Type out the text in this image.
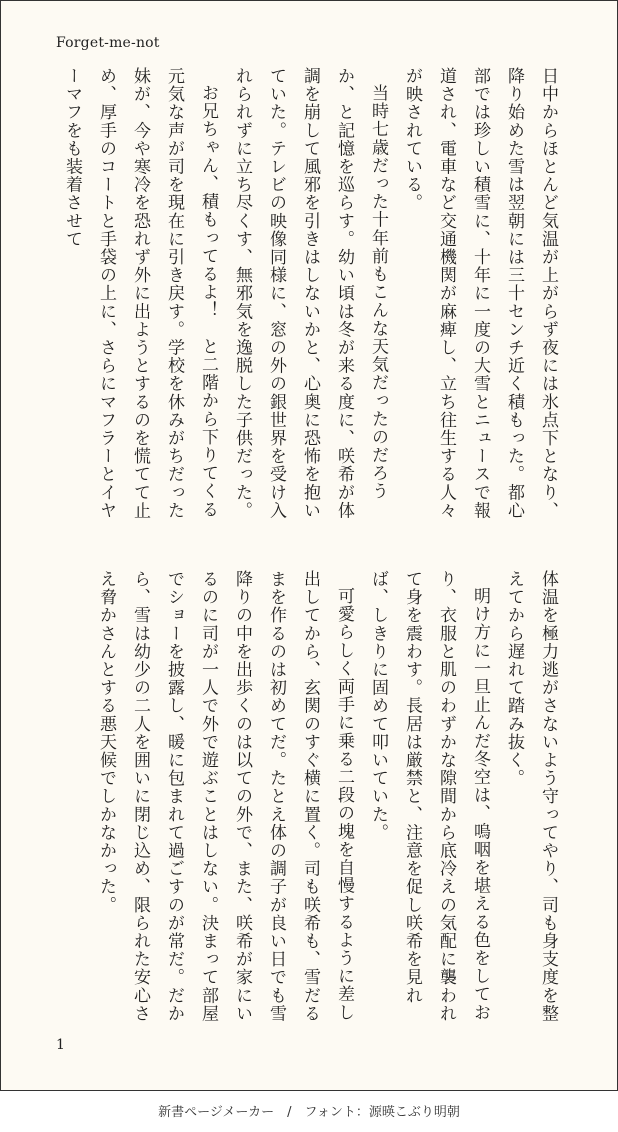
Forget-me-not

日中からほとんど気温が上がらず夜には氷点下となり、降り始めた雪は翌朝には三十センチ近く積もった。都心部では珍しい積雪に、十年に一度の大雪とニュースで報道され、電車など交通機関が麻痺し、立ち往生する人々が映されている。

当時七歳だった十年前もこんな天気だったのだろうか、と記憶を巡らす。幼い頃は冬が来る度に、咲希が体調を崩して風邪を引きはしないかと、心奥に恐怖を抱いていた。テレビの映像同様に、窓の外の銀世界を受け入れられずに立ち尽くす、無邪気を逸脱した子供だった。

お兄ちゃん、積もってるよ！　と二階から下りてくる元気な声が司を現在に引き戻す。学校を休みがちだった妹が、今や寒冷を恐れず外に出ようとするのを慌てて止め、厚手のコートと手袋の上に、さらにマフラーとイヤーマフをも装着させて

体温を極力逃がさないよう守ってやり、司も身支度を整えてから遅れて踏み抜く。

明け方に一旦止んだ冬空は、嗚咽を堪える色をしており、衣服と肌のわずかな隙間から底冷えの気配に襲われて身を震わす。長居は厳禁と、注意を促し咲希を見れば、しきりに固めて叩いていた。

可愛らしく両手に乗る二段の塊を自慢するように差し出してから、玄関のすぐ横に置く。司も咲希も、雪だるまを作るのは初めてだ。たとえ体の調子が良い日でも雪降りの中を出歩くのは以ての外で、また、咲希が家にいるのに司が一人で外で遊ぶことはしない。決まって部屋でショーを披露し、暖に包まれて過ごすのが常だ。だから、雪は幼少の二人を囲いに閉じ込め、限られた安心さえ脅かさんとする悪天候でしかなかった。

1
新書ページメーカー　/　フォント：源暎こぶり明朝
